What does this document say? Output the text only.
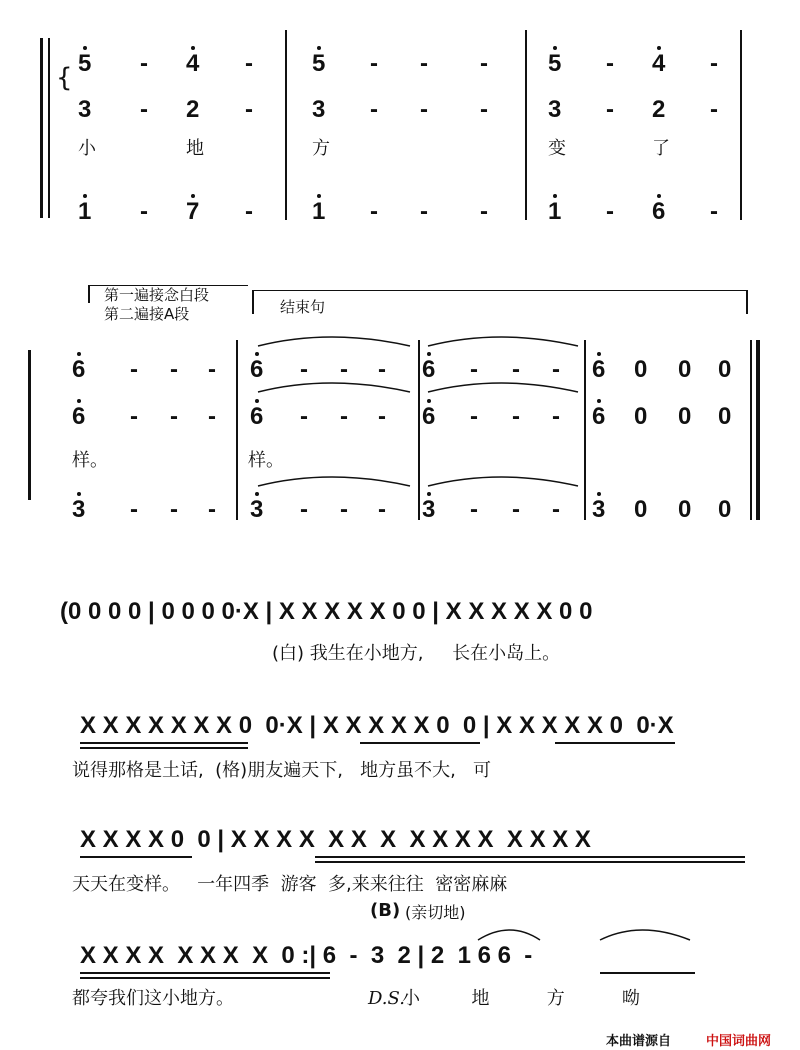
{ 5 - 4 - 5 - - -	5 - 4 -
3 - 2 - 3 - - -	3 - 2 -
小	地	方	变	了
1 - 7 - 1 - - -	1 - 6 -
第一遍接念白段
第二遍接A段	结束句
6 - - - 6 - - - 6 - - - 6 0 0 0
6 - - - 6 - - - 6 - - - 6 0 0 0
样。	样。
3 - - - 3 - - - 3 - - - 3 0 0 0
(0 0 0 0 | 0 0 0 0·X | X X X X X 0 0 | X X X X X 0 0
(白) 我生在小地方,     长在小岛上。
X X X X X X X 0  0·X | X X X X X 0  0 | X X X X X 0  0·X
说得那格是土话,  (格)朋友遍天下,   地方虽不大,   可
X X X X 0  0 | X X X X  X X  X  X X X X  X X X X
天天在变样。   一年四季  游客  多,来来往往  密密麻麻
(B) (亲切地)
X X X X  X X X  X  0 :| 6  -  3  2 | 2  1 6 6  -
都夸我们这小地方。	D.S.
小         地          方          呦
本曲谱源自	中国词曲网
